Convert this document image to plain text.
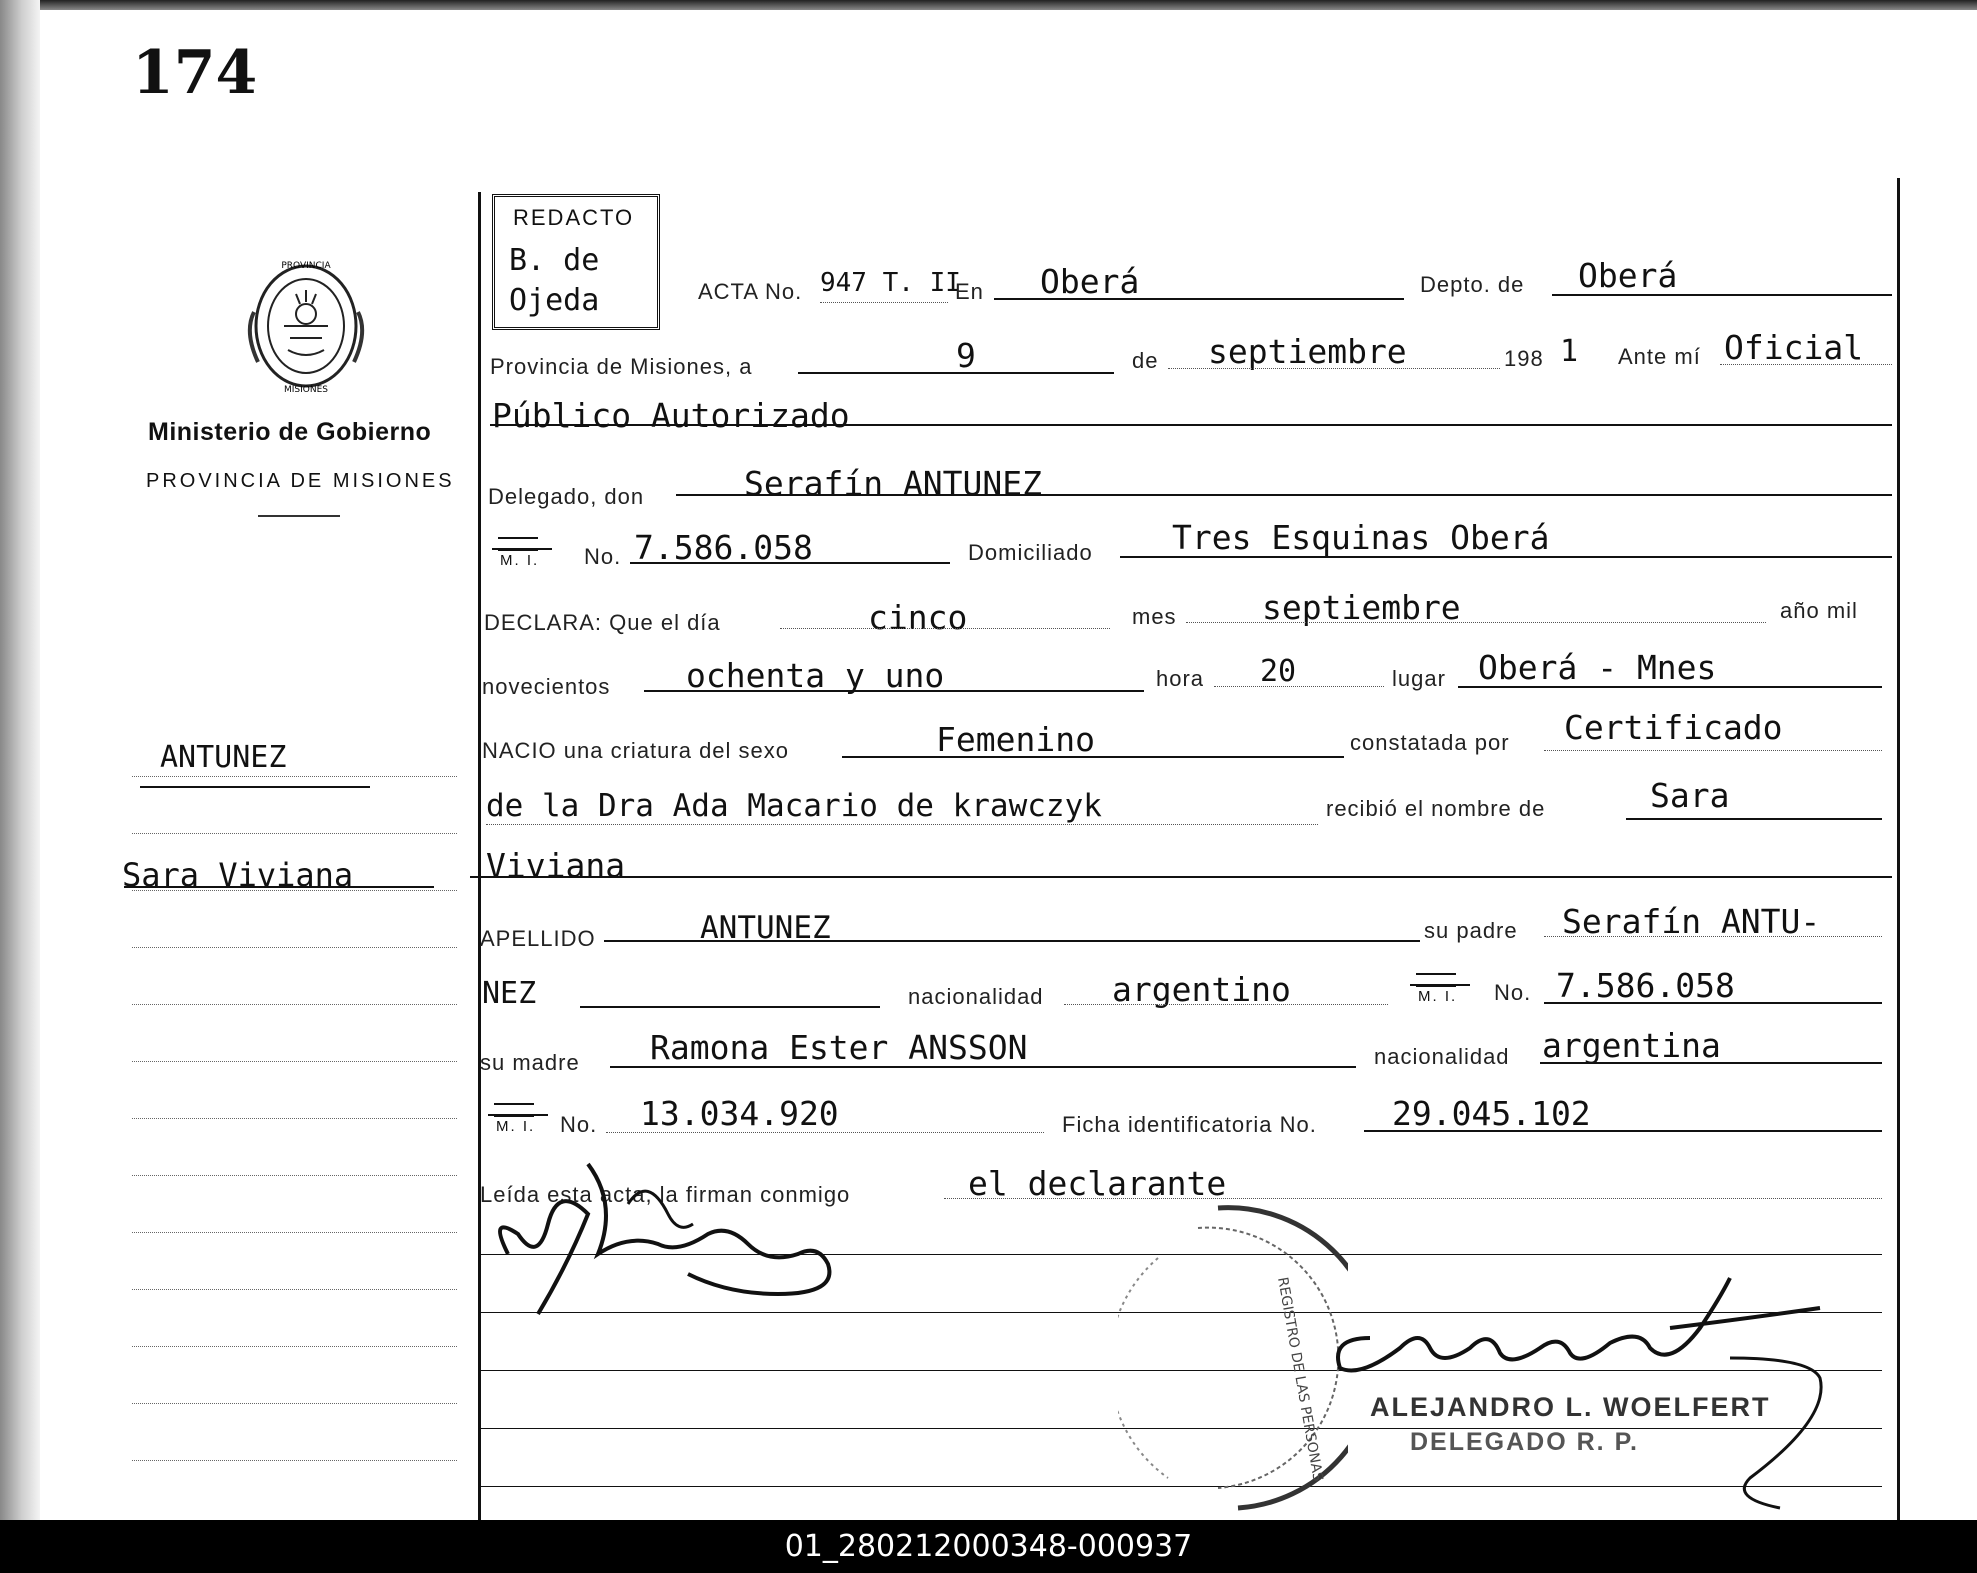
174
PROVINCIA
MISIONES
Ministerio de Gobierno
PROVINCIA DE MISIONES
ANTUNEZ
Sara Viviana
REDACTO
B. de
Ojeda	ACTA No. 947 T. II
En Oberá	Depto. de Oberá
Provincia de Misiones, a	9	de septiembre	198 1 Ante mí Oficial
Público Autorizado
Delegado, don	Serafín ANTUNEZ
M. I. No. 7.586.058	Domiciliado Tres Esquinas Oberá
DECLARA: Que el día	cinco	mes	septiembre	año mil
novecientos ochenta y uno	hora 20	lugar Oberá - Mnes
NACIO una criatura del sexo	Femenino	constatada por Certificado
de la Dra Ada Macario de krawczyk	recibió el nombre de	Sara
Viviana
APELLIDO	ANTUNEZ	su padre Serafín ANTU-
NEZ	nacionalidad argentino	M. I. No. 7.586.058
su madre Ramona Ester ANSSON	nacionalidad argentina
M. I. No. 13.034.920	Ficha identificatoria No. 29.045.102
Leída esta acta, la firman conmigo	el declarante
REGISTRO DE LAS PERSONAS ALEJANDRO L. WOELFERT
DELEGADO R. P.
01_280212000348-000937
